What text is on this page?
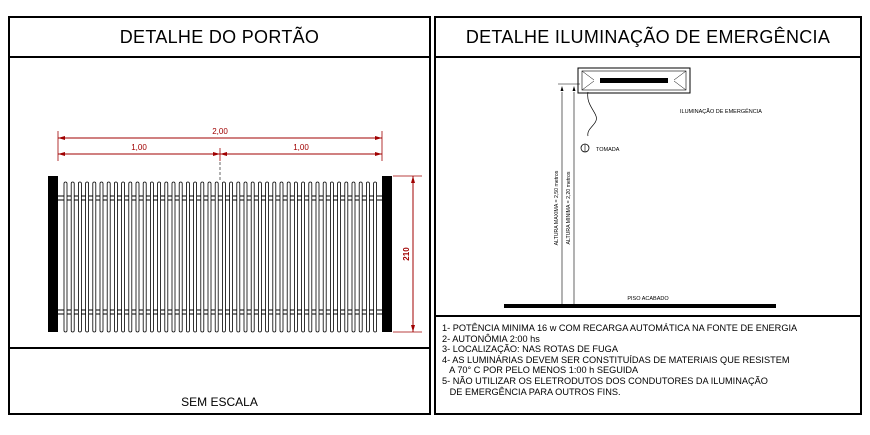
DETALHE DO PORTÃO
2,00
1,00	1,00
210
SEM ESCALA
DETALHE ILUMINAÇÃO DE EMERGÊNCIA
TOMADA
ILUMINAÇÃO DE EMERGÊNCIA
ALTURA MAXIMA = 2,50 metros ALTURA MINIMA = 2,20 metros
PISO ACABADO
1- POTÊNCIA MINIMA 16 w COM RECARGA AUTOMÁTICA NA FONTE DE ENERGIA
2- AUTONÔMIA 2:00 hs
3- LOCALIZAÇÃO: NAS ROTAS DE FUGA
4- AS LUMINÁRIAS DEVEM SER CONSTITUÍDAS DE MATERIAIS QUE RESISTEM
A 70° C POR PELO MENOS 1:00 h SEGUIDA
5- NÃO UTILIZAR OS ELETRODUTOS DOS CONDUTORES DA ILUMINAÇÃO
DE EMERGÊNCIA PARA OUTROS FINS.
